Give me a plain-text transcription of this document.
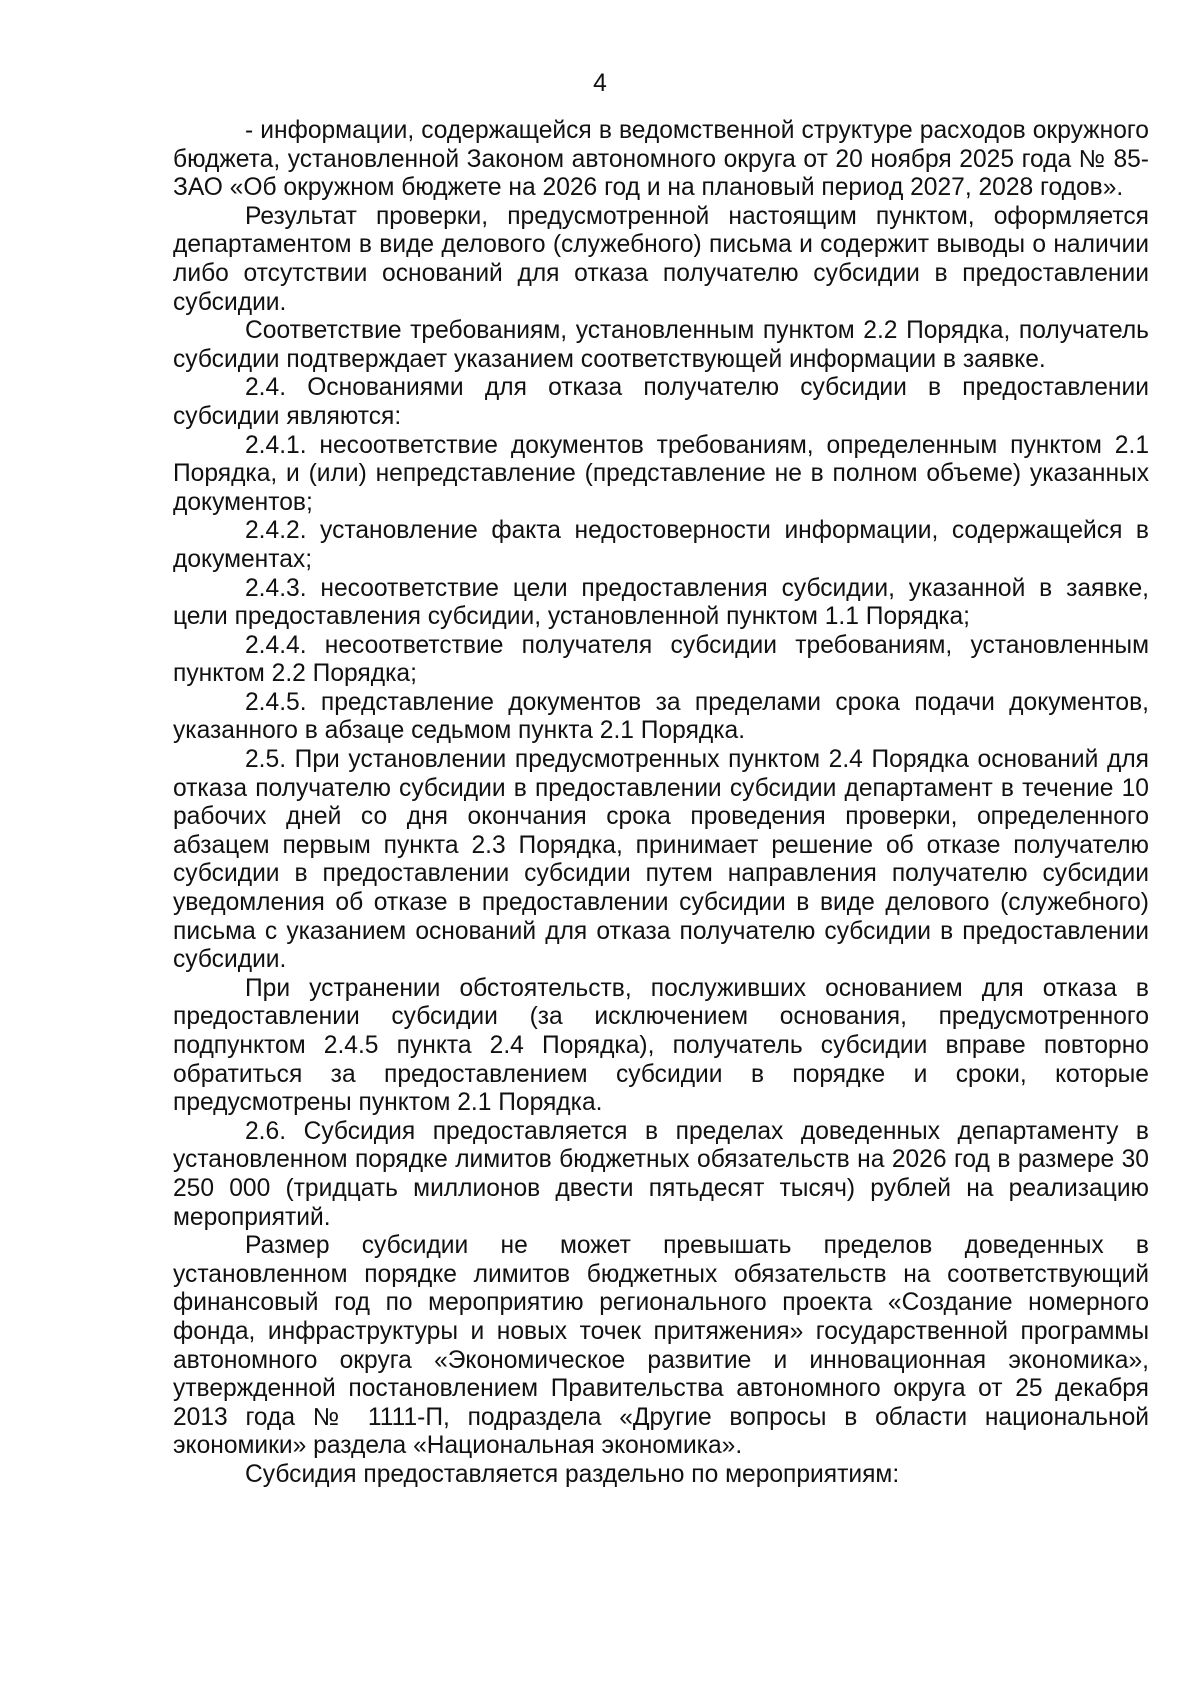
4

- информации, содержащейся в ведомственной структуре расходов окружного бюджета, установленной Законом автономного округа от 20 ноября 2025 года № 85-ЗАО «Об окружном бюджете на 2026 год и на плановый период 2027, 2028 годов».

Результат проверки, предусмотренной настоящим пунктом, оформляется департаментом в виде делового (служебного) письма и содержит выводы о наличии либо отсутствии оснований для отказа получателю субсидии в предоставлении субсидии.

Соответствие требованиям, установленным пунктом 2.2 Порядка, получатель субсидии подтверждает указанием соответствующей информации в заявке.

2.4. Основаниями для отказа получателю субсидии в предоставлении субсидии являются:

2.4.1. несоответствие документов требованиям, определенным пунктом 2.1 Порядка, и (или) непредставление (представление не в полном объеме) указанных документов;

2.4.2. установление факта недостоверности информации, содержащейся в документах;

2.4.3. несоответствие цели предоставления субсидии, указанной в заявке, цели предоставления субсидии, установленной пунктом 1.1 Порядка;

2.4.4. несоответствие получателя субсидии требованиям, установленным пунктом 2.2 Порядка;

2.4.5. представление документов за пределами срока подачи документов, указанного в абзаце седьмом пункта 2.1 Порядка.

2.5. При установлении предусмотренных пунктом 2.4 Порядка оснований для отказа получателю субсидии в предоставлении субсидии департамент в течение 10 рабочих дней со дня окончания срока проведения проверки, определенного абзацем первым пункта 2.3 Порядка, принимает решение об отказе получателю субсидии в предоставлении субсидии путем направления получателю субсидии уведомления об отказе в предоставлении субсидии в виде делового (служебного) письма с указанием оснований для отказа получателю субсидии в предоставлении субсидии.

При устранении обстоятельств, послуживших основанием для отказа в предоставлении субсидии (за исключением основания, предусмотренного подпунктом 2.4.5 пункта 2.4 Порядка), получатель субсидии вправе повторно обратиться за предоставлением субсидии в порядке и сроки, которые предусмотрены пунктом 2.1 Порядка.

2.6. Субсидия предоставляется в пределах доведенных департаменту в установленном порядке лимитов бюджетных обязательств на 2026 год в размере 30 250 000 (тридцать миллионов двести пятьдесят тысяч) рублей на реализацию мероприятий.

Размер субсидии не может превышать пределов доведенных в установленном порядке лимитов бюджетных обязательств на соответствующий финансовый год по мероприятию регионального проекта «Создание номерного фонда, инфраструктуры и новых точек притяжения» государственной программы автономного округа «Экономическое развитие и инновационная экономика», утвержденной постановлением Правительства автономного округа от 25 декабря 2013 года № 1111-П, подраздела «Другие вопросы в области национальной экономики» раздела «Национальная экономика».

Субсидия предоставляется раздельно по мероприятиям:
